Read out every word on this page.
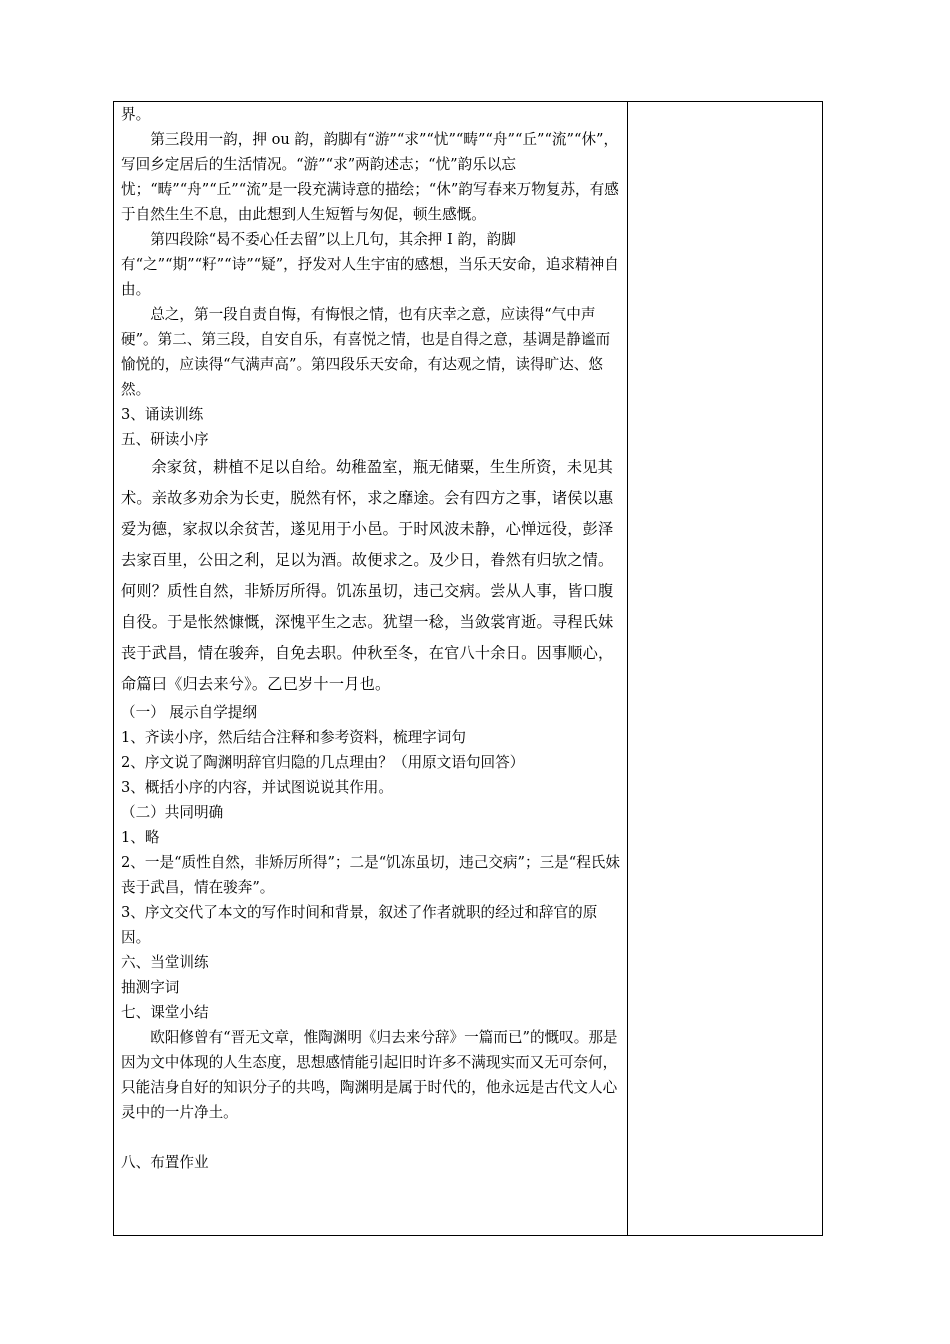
界。

第三段用一韵，押 ou 韵，韵脚有“游”“求”“忧”“畴”“舟”“丘”“流”“休”，写回乡定居后的生活情况。“游”“求”两韵述志；“忧”韵乐以忘忧；“畴”“舟”“丘”“流”是一段充满诗意的描绘；“休”韵写春来万物复苏，有感于自然生生不息，由此想到人生短暂与匆促，顿生感慨。

第四段除“曷不委心任去留”以上几句，其余押 I 韵，韵脚有“之”“期”“籽”“诗”“疑”，抒发对人生宇宙的感想，当乐天安命，追求精神自由。

总之，第一段自责自悔，有悔恨之情，也有庆幸之意，应读得“气中声硬”。第二、第三段，自安自乐，有喜悦之情，也是自得之意，基调是静谧而愉悦的，应读得“气满声高”。第四段乐天安命，有达观之情，读得旷达、悠然。

3、诵读训练

五、研读小序

余家贫，耕植不足以自给。幼稚盈室，瓶无储粟，生生所资，未见其术。亲故多劝余为长吏，脱然有怀，求之靡途。会有四方之事，诸侯以惠爱为德，家叔以余贫苦，遂见用于小邑。于时风波未静，心惮远役，彭泽去家百里，公田之利，足以为酒。故便求之。及少日，眷然有归欤之情。何则？质性自然，非矫厉所得。饥冻虽切，违己交病。尝从人事，皆口腹自役。于是怅然慷慨，深愧平生之志。犹望一稔，当敛裳宵逝。寻程氏妹丧于武昌，情在骏奔，自免去职。仲秋至冬，在官八十余日。因事顺心，命篇曰《归去来兮》。乙巳岁十一月也。

（一） 展示自学提纲

1、齐读小序，然后结合注释和参考资料，梳理字词句

2、序文说了陶渊明辞官归隐的几点理由？（用原文语句回答）

3、概括小序的内容，并试图说说其作用。

（二）共同明确

1、略

2、一是“质性自然，非矫厉所得”；二是“饥冻虽切，违己交病”；三是“程氏妹丧于武昌，情在骏奔”。

3、序文交代了本文的写作时间和背景，叙述了作者就职的经过和辞官的原因。

六、当堂训练

抽测字词

七、课堂小结

欧阳修曾有“晋无文章，惟陶渊明《归去来兮辞》一篇而已”的慨叹。那是因为文中体现的人生态度，思想感情能引起旧时许多不满现实而又无可奈何，只能洁身自好的知识分子的共鸣，陶渊明是属于时代的，他永远是古代文人心灵中的一片净土。

八、布置作业
